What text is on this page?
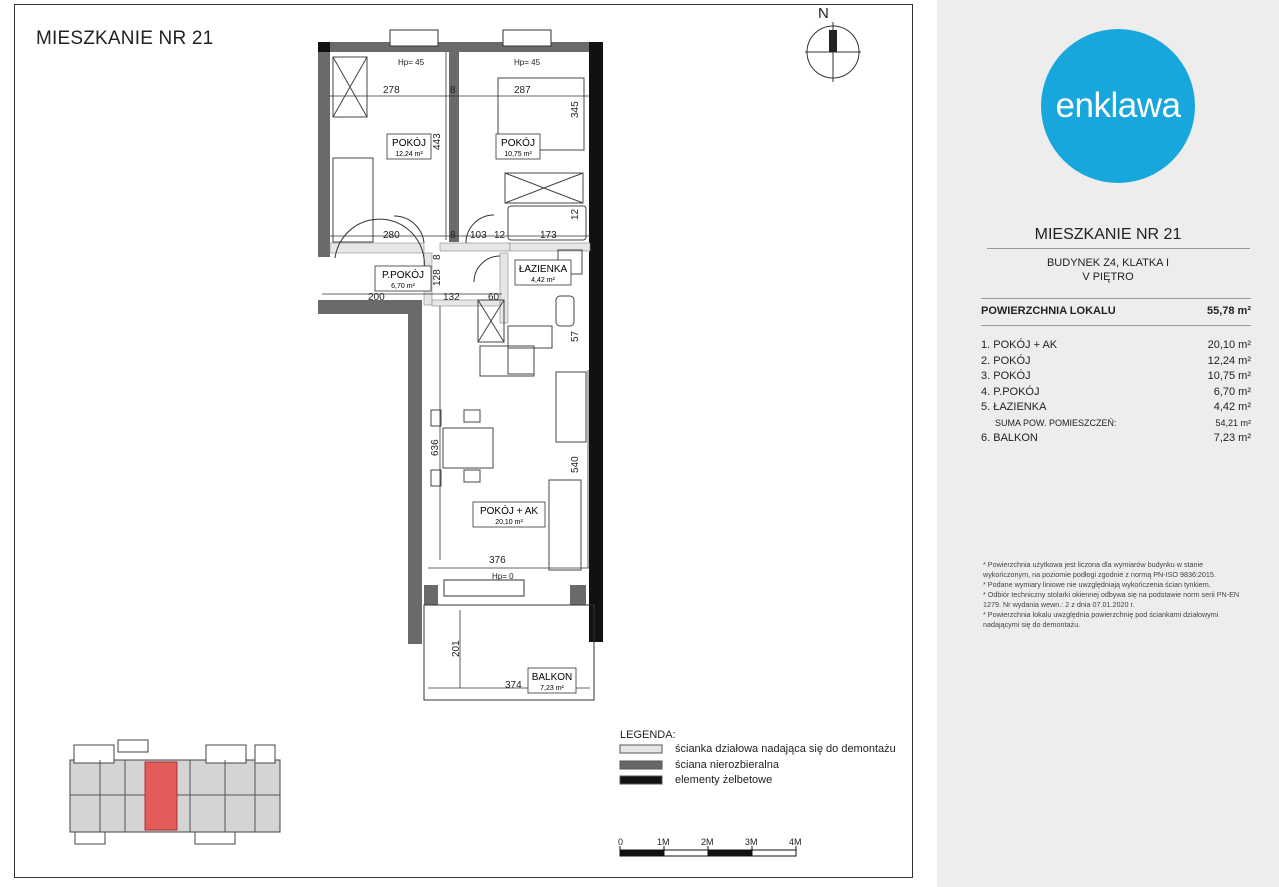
MIESZKANIE NR 21
N
278	8	287
345
443
280	8 103 12	173
12
200	132	60
128
8
57
636
540
376
201
374
Hp= 45	Hp= 45
Hp= 0
POKÓJ
12,24 m²
POKÓJ
10,75 m²
P.POKÓJ
6,70 m²
ŁAZIENKA
4,42 m²
POKÓJ + AK
20,10 m²
BALKON
7,23 m²
LEGENDA:
ścianka działowa nadająca się do demontażu
ściana nierozbieralna
elementy żelbetowe
0	1M	2M	3M	4M
enklawa
MIESZKANIE NR 21
BUDYNEK Z4, KLATKA I
V PIĘTRO
POWIERZCHNIA LOKALU	55,78 m²
1. POKÓJ + AK	20,10 m²
2. POKÓJ	12,24 m²
3. POKÓJ	10,75 m²
4. P.POKÓJ	6,70 m²
5. ŁAZIENKA	4,42 m²
SUMA POW. POMIESZCZEŃ:	54,21 m²
6. BALKON	7,23 m²

* Powierzchnia użytkowa jest liczona dla wymiarów budynku w stanie wykończonym, na poziomie podłogi zgodnie z normą PN-ISO 9836:2015.

* Podane wymiary liniowe nie uwzględniają wykończenia ścian tynkiem.

* Odbiór techniczny stolarki okiennej odbywa się na podstawie norm serii PN-EN 1279. Nr wydania wewn.: 2 z dnia 07.01.2020 r.

* Powierzchnia lokalu uwzględnia powierzchnię pod ściankami działowymi nadającymi się do demontażu.
